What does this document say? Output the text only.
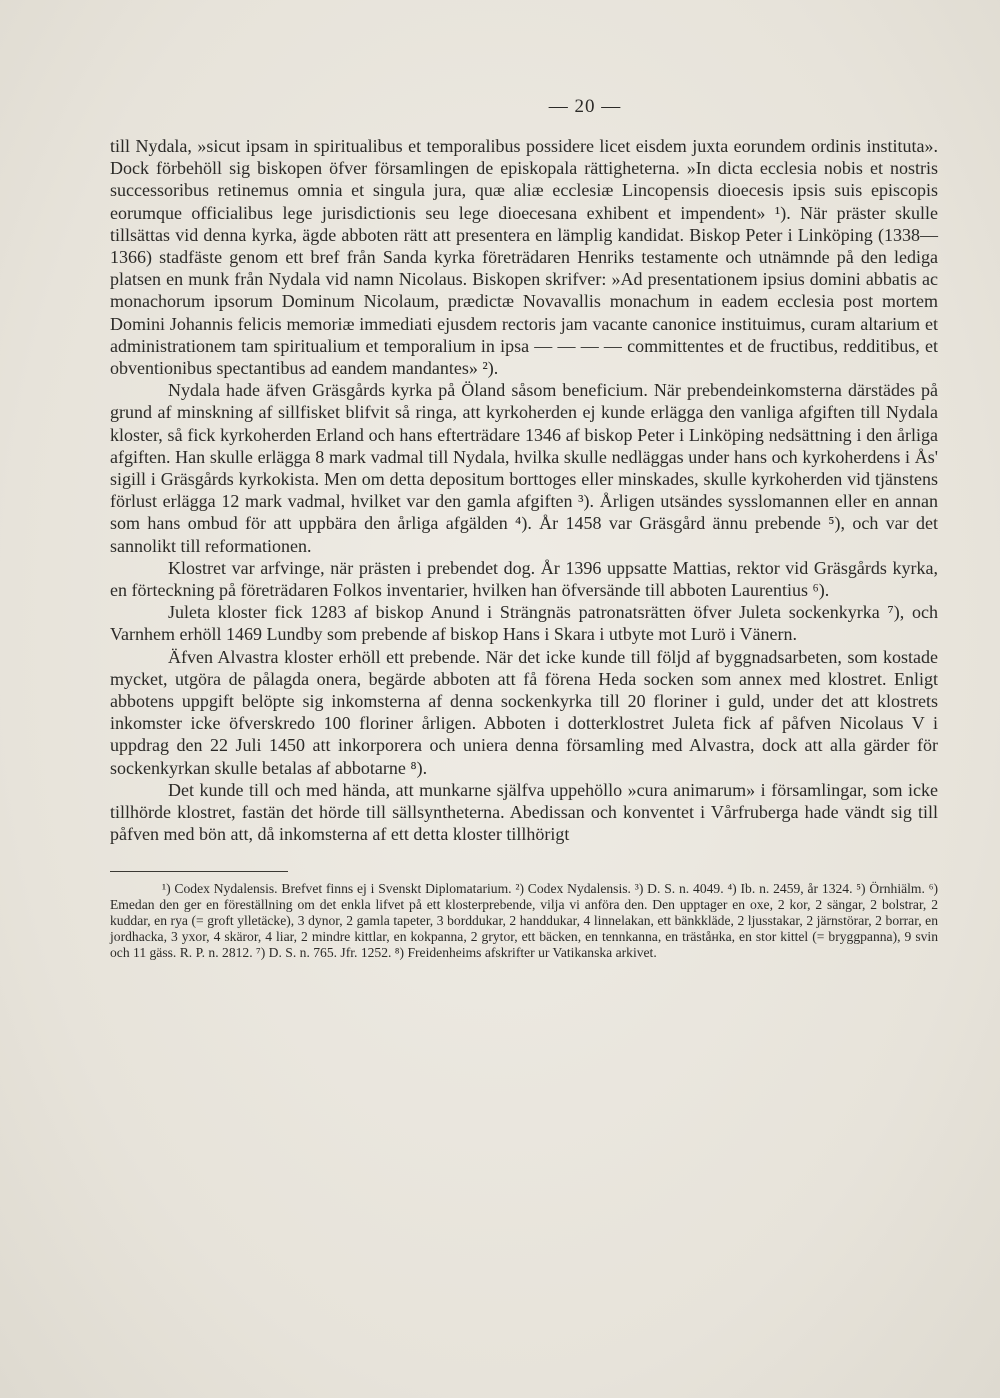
— 20 —

till Nydala, »sicut ipsam in spiritualibus et temporalibus possidere licet eisdem juxta eorundem ordinis instituta». Dock förbehöll sig biskopen öfver församlingen de episkopala rättigheterna. »In dicta ecclesia nobis et nostris successoribus retinemus omnia et singula jura, quæ aliæ ecclesiæ Lincopensis dioecesis ipsis suis episcopis eorumque officialibus lege jurisdictionis seu lege dioecesana exhibent et impendent» ¹). När präster skulle tillsättas vid denna kyrka, ägde abboten rätt att presentera en lämplig kandidat. Biskop Peter i Linköping (1338—1366) stadfäste genom ett bref från Sanda kyrka företrädaren Henriks testamente och utnämnde på den lediga platsen en munk från Nydala vid namn Nicolaus. Biskopen skrifver: »Ad presentationem ipsius domini abbatis ac monachorum ipsorum Dominum Nicolaum, prædictæ Novavallis monachum in eadem ecclesia post mortem Domini Johannis felicis memoriæ immediati ejusdem rectoris jam vacante canonice instituimus, curam altarium et administrationem tam spiritualium et temporalium in ipsa — — — — committentes et de fructibus, redditibus, et obventionibus spectantibus ad eandem mandantes» ²).

Nydala hade äfven Gräsgårds kyrka på Öland såsom beneficium. När prebendeinkomsterna därstädes på grund af minskning af sillfisket blifvit så ringa, att kyrkoherden ej kunde erlägga den vanliga afgiften till Nydala kloster, så fick kyrkoherden Erland och hans efterträdare 1346 af biskop Peter i Linköping nedsättning i den årliga afgiften. Han skulle erlägga 8 mark vadmal till Nydala, hvilka skulle nedläggas under hans och kyrkoherdens i Ås' sigill i Gräsgårds kyrkokista. Men om detta depositum borttoges eller minskades, skulle kyrkoherden vid tjänstens förlust erlägga 12 mark vadmal, hvilket var den gamla afgiften ³). Årligen utsändes sysslomannen eller en annan som hans ombud för att uppbära den årliga afgälden ⁴). År 1458 var Gräsgård ännu prebende ⁵), och var det sannolikt till reformationen.

Klostret var arfvinge, när prästen i prebendet dog. År 1396 uppsatte Mattias, rektor vid Gräsgårds kyrka, en förteckning på företrädaren Folkos inventarier, hvilken han öfversände till abboten Laurentius ⁶).

Juleta kloster fick 1283 af biskop Anund i Strängnäs patronatsrätten öfver Juleta sockenkyrka ⁷), och Varnhem erhöll 1469 Lundby som prebende af biskop Hans i Skara i utbyte mot Lurö i Vänern.

Äfven Alvastra kloster erhöll ett prebende. När det icke kunde till följd af byggnadsarbeten, som kostade mycket, utgöra de pålagda onera, begärde abboten att få förena Heda socken som annex med klostret. Enligt abbotens uppgift belöpte sig inkomsterna af denna sockenkyrka till 20 floriner i guld, under det att klostrets inkomster icke öfverskredo 100 floriner årligen. Abboten i dotterklostret Juleta fick af påfven Nicolaus V i uppdrag den 22 Juli 1450 att inkorporera och uniera denna församling med Alvastra, dock att alla gärder för sockenkyrkan skulle betalas af abbotarne ⁸).

Det kunde till och med hända, att munkarne själfva uppehöllo »cura animarum» i församlingar, som icke tillhörde klostret, fastän det hörde till sällsyntheterna. Abedissan och konventet i Vårfruberga hade vändt sig till påfven med bön att, då inkomsterna af ett detta kloster tillhörigt

¹) Codex Nydalensis. Brefvet finns ej i Svenskt Diplomatarium. ²) Codex Nydalensis. ³) D. S. n. 4049. ⁴) Ib. n. 2459, år 1324. ⁵) Örnhiälm. ⁶) Emedan den ger en föreställning om det enkla lifvet på ett klosterprebende, vilja vi anföra den. Den upptager en oxe, 2 kor, 2 sängar, 2 bolstrar, 2 kuddar, en rya (= groft ylletäcke), 3 dynor, 2 gamla tapeter, 3 borddukar, 2 handdukar, 4 linnelakan, ett bänkkläde, 2 ljusstakar, 2 järnstörar, 2 borrar, en jordhacka, 3 yxor, 4 skäror, 4 liar, 2 mindre kittlar, en kokpanna, 2 grytor, ett bäcken, en tennkanna, en träståнka, en stor kittel (= bryggpanna), 9 svin och 11 gäss. R. P. n. 2812. ⁷) D. S. n. 765. Jfr. 1252. ⁸) Freidenheims afskrifter ur Vatikanska arkivet.
